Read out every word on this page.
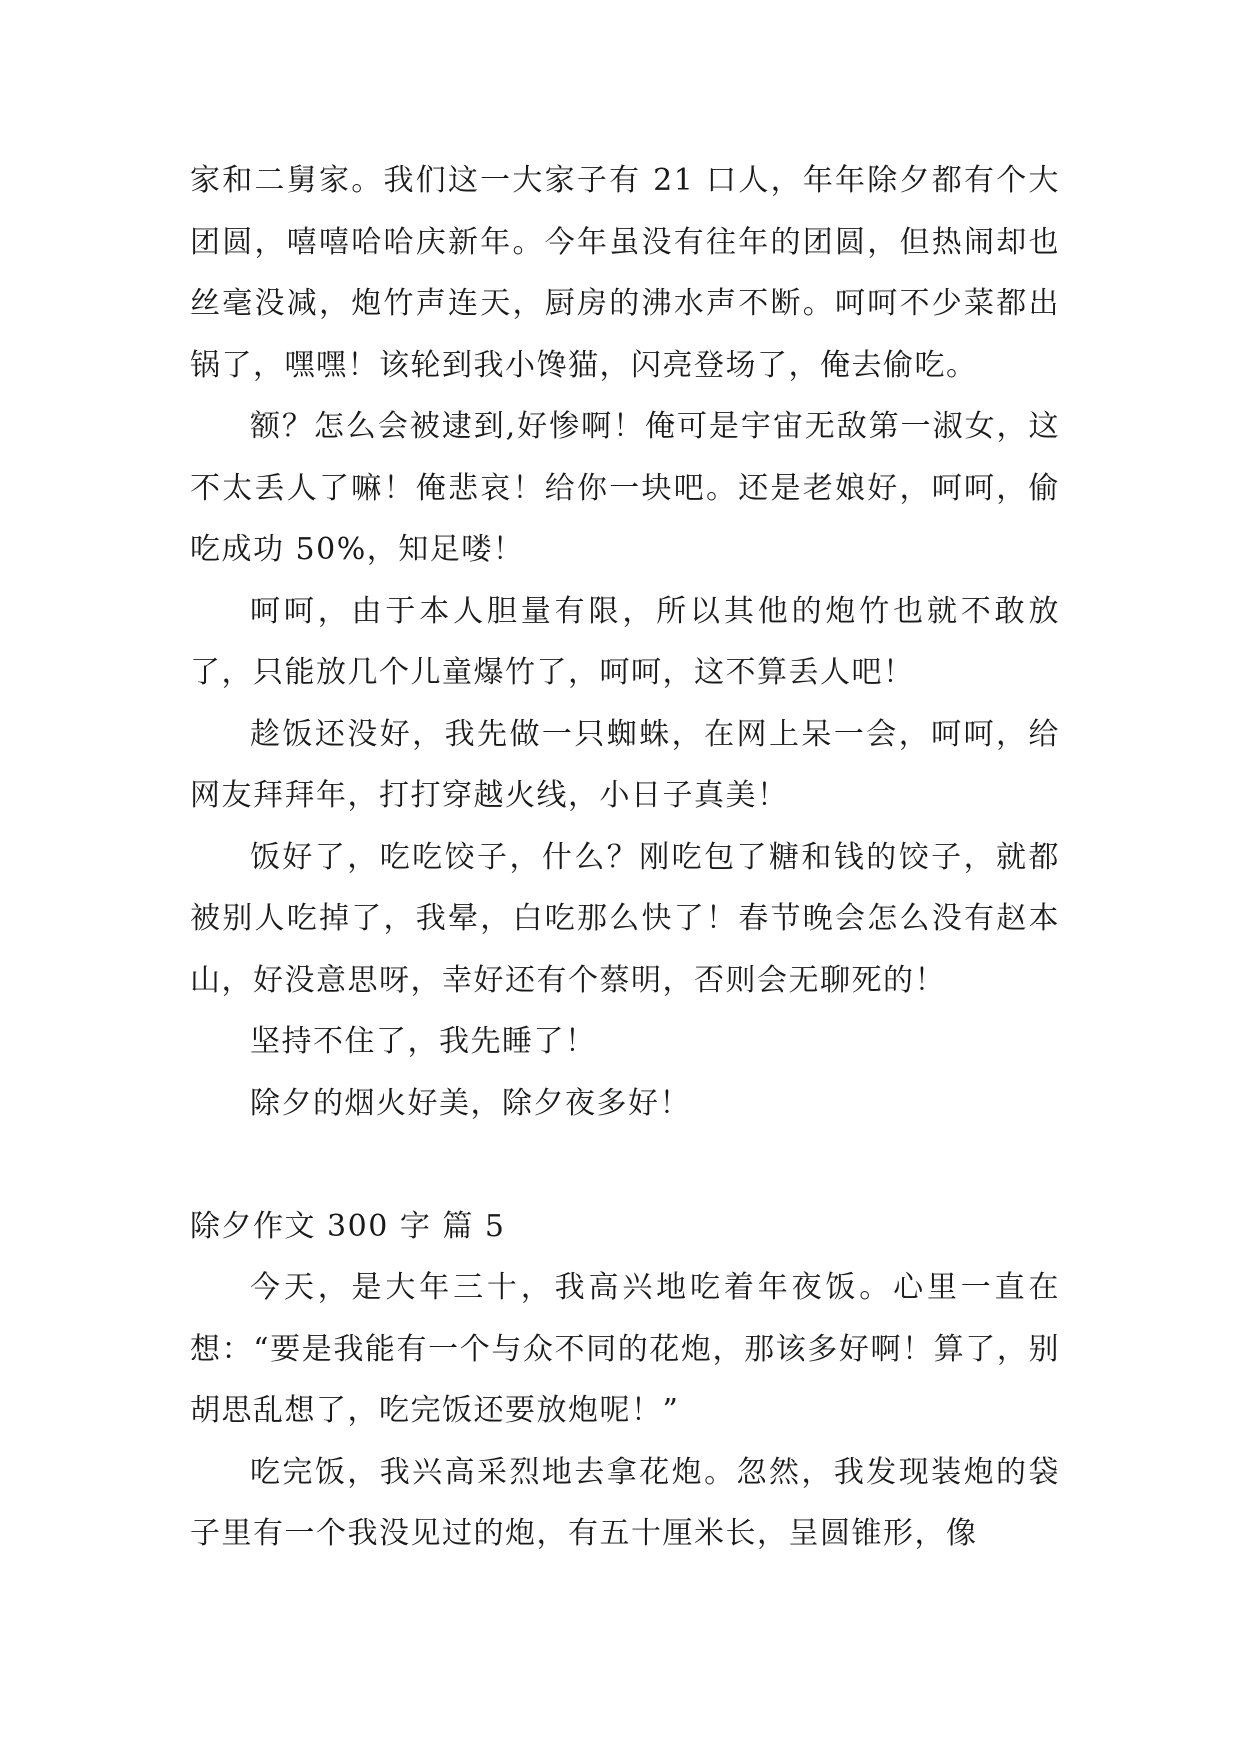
家和二舅家。我们这一大家子有 21 口人，年年除夕都有个大团圆，嘻嘻哈哈庆新年。今年虽没有往年的团圆，但热闹却也丝毫没减，炮竹声连天，厨房的沸水声不断。呵呵不少菜都出锅了，嘿嘿！该轮到我小馋猫，闪亮登场了，俺去偷吃。

额？怎么会被逮到,好惨啊！俺可是宇宙无敌第一淑女，这不太丢人了嘛！俺悲哀！给你一块吧。还是老娘好，呵呵，偷吃成功 50%，知足喽！

呵呵，由于本人胆量有限，所以其他的炮竹也就不敢放了，只能放几个儿童爆竹了，呵呵，这不算丢人吧！

趁饭还没好，我先做一只蜘蛛，在网上呆一会，呵呵，给网友拜拜年，打打穿越火线，小日子真美！

饭好了，吃吃饺子，什么？刚吃包了糖和钱的饺子，就都被别人吃掉了，我晕，白吃那么快了！春节晚会怎么没有赵本山，好没意思呀，幸好还有个蔡明，否则会无聊死的！

坚持不住了，我先睡了！

除夕的烟火好美，除夕夜多好！

除夕作文 300 字 篇 5

今天，是大年三十，我高兴地吃着年夜饭。心里一直在想：“要是我能有一个与众不同的花炮，那该多好啊！算了，别胡思乱想了，吃完饭还要放炮呢！”

吃完饭，我兴高采烈地去拿花炮。忽然，我发现装炮的袋子里有一个我没见过的炮，有五十厘米长，呈圆锥形，像
